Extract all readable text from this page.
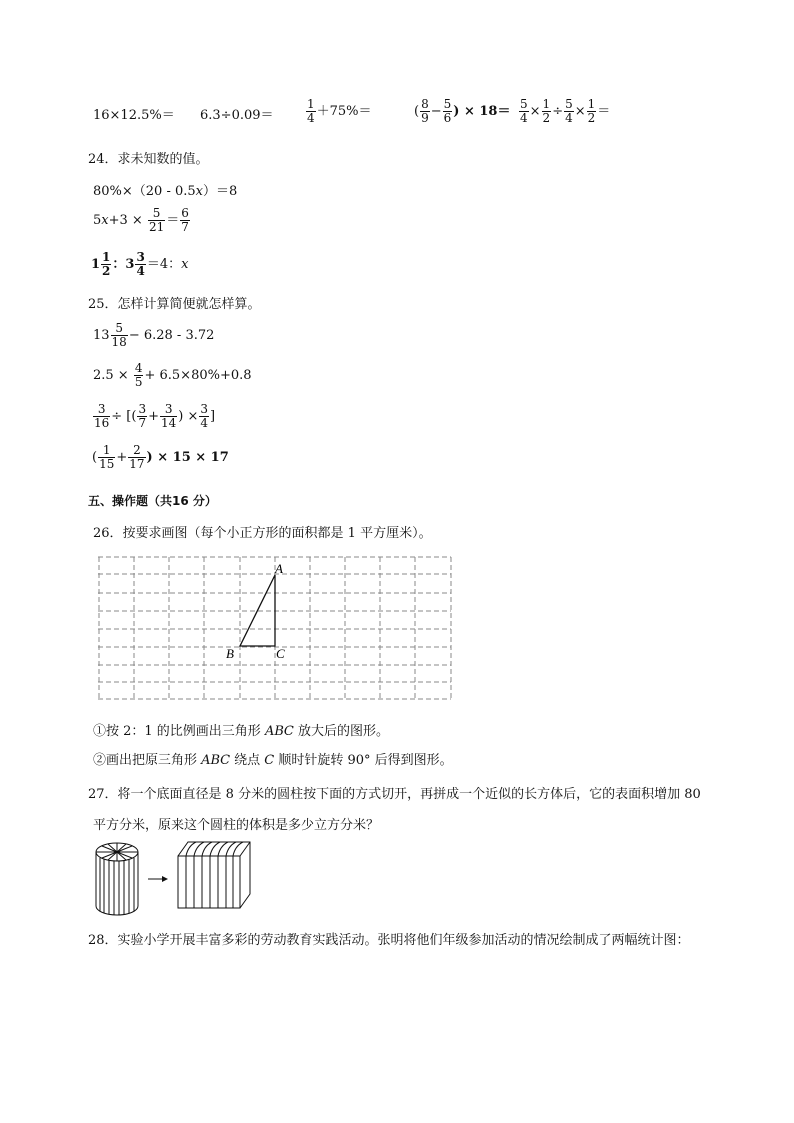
16×12.5%＝ 6.3÷0.09＝	$\frac{1}{4} +75\%=$	( $\frac{8}{9} - \frac{5}{6}$ ) × $18= \frac{5}{4} \times \frac{1}{2} \div \frac{5}{4} \times \frac{1}{2}$ ＝
24．求未知数的值。
80%×（20 - 0.5𝑥）＝8
5𝑥+3 × $\frac{5}{21} = \frac{6}{7}$
$1 \frac{1}{2}$ ：$3 \frac{3}{4} =4$：𝑥
25．怎样计算简便就怎样算。
$13 \frac{5}{18} - 6.28 - 3.72$
$2.5 \times \frac{4}{5} + 6.5\times 80\%+0.8$
$\frac{3}{16}$ ÷ [( $\frac{3}{7} + \frac{3}{14}$ ) × $\frac{3}{4}$ ]
( $\frac{1}{15} + \frac{2}{17}$ ) × 15 × 17
五、操作题（共16 分）
26．按要求画图（每个小正方形的面积都是 1 平方厘米）。
A
B	C
①按 2：1 的比例画出三角形 𝐴𝐵𝐶 放大后的图形。
②画出把原三角形 𝐴𝐵𝐶 绕点 𝐶 顺时针旋转 90° 后得到图形。
27．将一个底面直径是 8 分米的圆柱按下面的方式切开，再拼成一个近似的长方体后，它的表面积增加 80
平方分米，原来这个圆柱的体积是多少立方分米？
28．实验小学开展丰富多彩的劳动教育实践活动。张明将他们年级参加活动的情况绘制成了两幅统计图：
